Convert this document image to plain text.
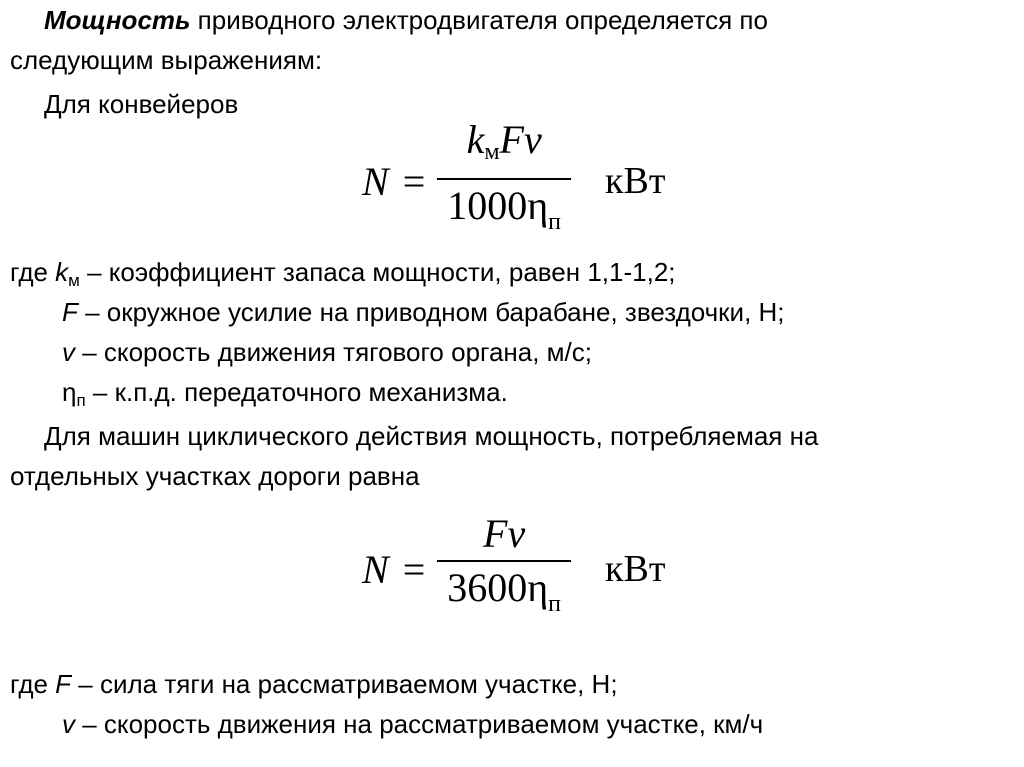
Мощность приводного электродвигателя определяется по
следующим выражениям:
Для конвейеров
$N = \frac{\text{kмFv}}{1000\eta_п}$ кВт
где $k_м$ – коэффициент запаса мощности, равен 1,1-1,2;
F – окружное усилие на приводном барабане, звездочки, Н;
v – скорость движения тягового органа, м/с;
$\eta_п - к.п.д$. передаточного механизма.
Для машин циклического действия мощность, потребляемая на
отдельных участках дороги равна
$N = \frac{Fv}{3600\eta_п}$ кВт
где F – сила тяги на рассматриваемом участке, Н;
v – скорость движения на рассматриваемом участке, км/ч
